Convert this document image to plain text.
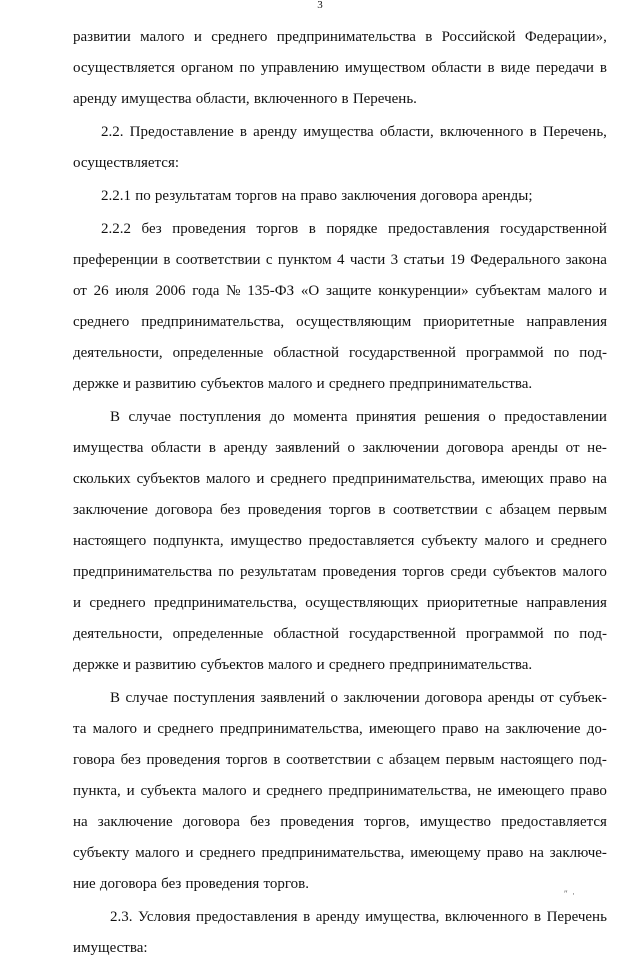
3
развитии малого и среднего предпринимательства в Российской Федерации»,
осуществляется органом по управлению имуществом области в виде передачи в
аренду имущества области, включенного в Перечень.
2.2. Предоставление в аренду имущества области, включенного в Перечень,
осуществляется:
2.2.1 по результатам торгов на право заключения договора аренды;
2.2.2 без проведения торгов в порядке предоставления государственной
преференции в соответствии с пунктом 4 части 3 статьи 19 Федерального закона
от 26 июля 2006 года № 135-ФЗ «О защите конкуренции» субъектам малого и
среднего предпринимательства, осуществляющим приоритетные направления
деятельности, определенные областной государственной программой по под-
держке и развитию субъектов малого и среднего предпринимательства.
В случае поступления до момента принятия решения о предоставлении
имущества области в аренду заявлений о заключении договора аренды от не-
скольких субъектов малого и среднего предпринимательства, имеющих право на
заключение договора без проведения торгов в соответствии с абзацем первым
настоящего подпункта, имущество предоставляется субъекту малого и среднего
предпринимательства по результатам проведения торгов среди субъектов малого
и среднего предпринимательства, осуществляющих приоритетные направления
деятельности, определенные областной государственной программой по под-
держке и развитию субъектов малого и среднего предпринимательства.
В случае поступления заявлений о заключении договора аренды от субъек-
та малого и среднего предпринимательства, имеющего право на заключение до-
говора без проведения торгов в соответствии с абзацем первым настоящего под-
пункта, и субъекта малого и среднего предпринимательства, не имеющего право
на заключение договора без проведения торгов, имущество предоставляется
субъекту малого и среднего предпринимательства, имеющему право на заключе-
ние договора без проведения торгов.
2.3. Условия предоставления в аренду имущества, включенного в Перечень
имущества:
″ ·
